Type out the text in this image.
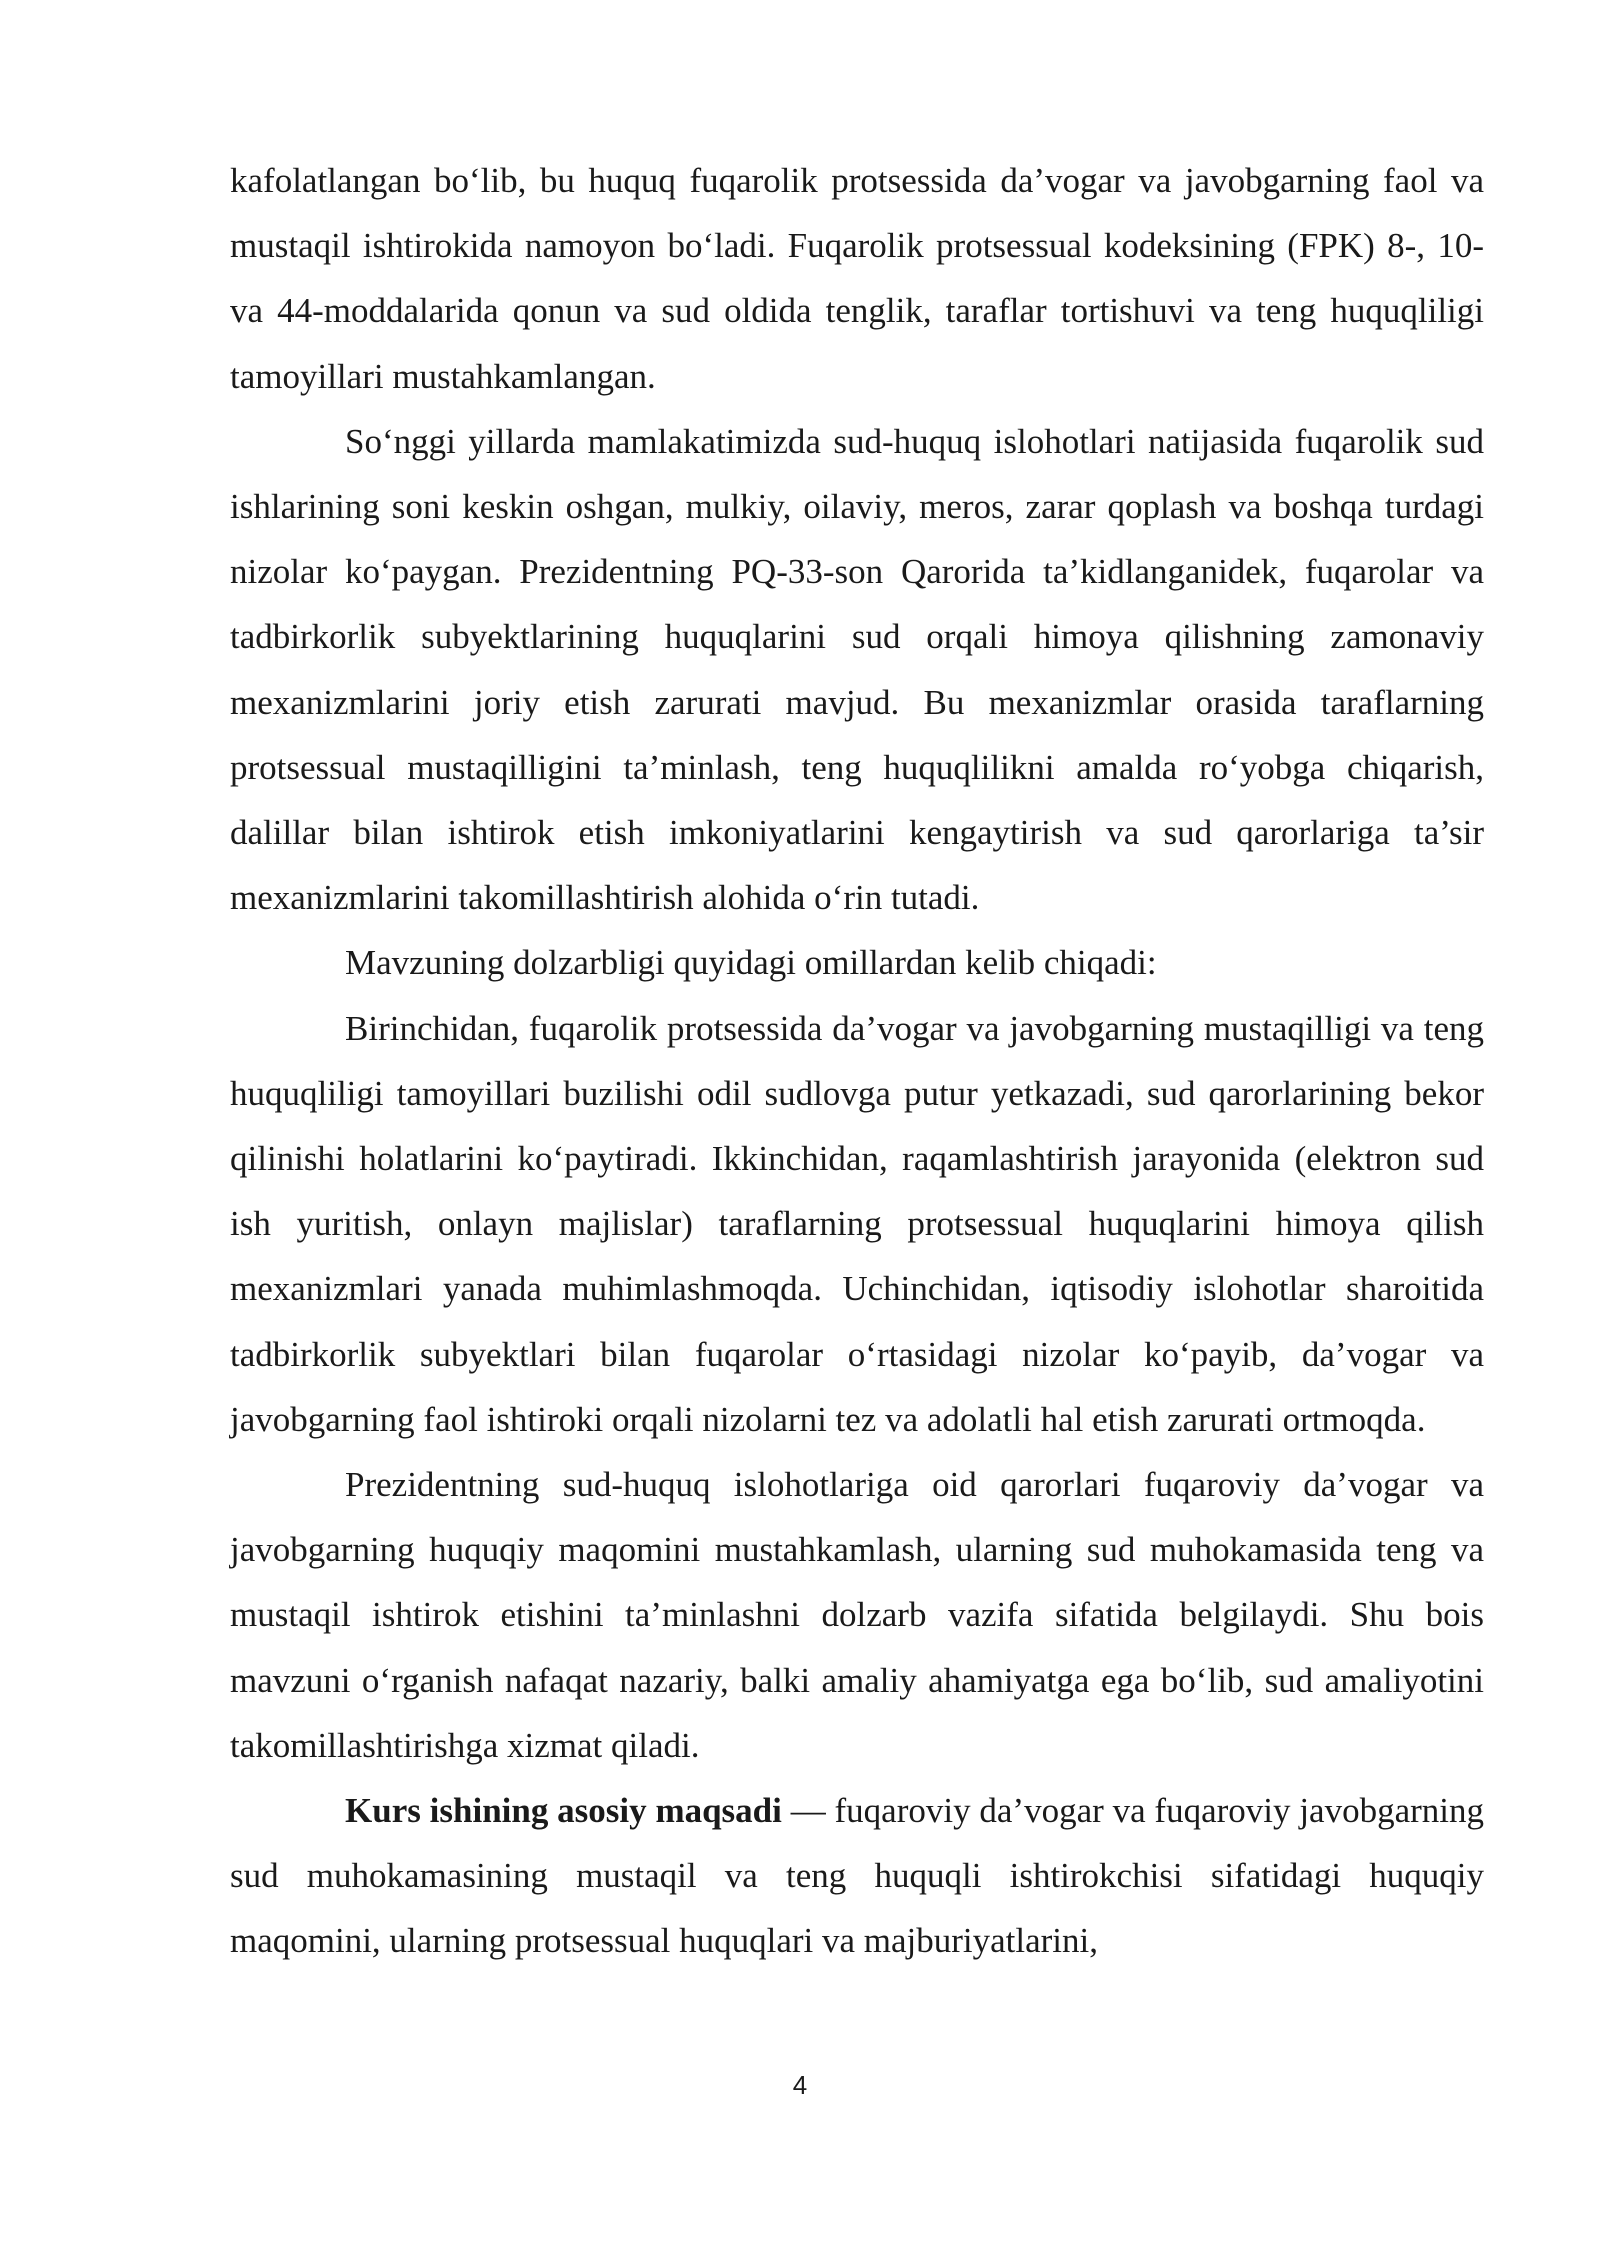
kafolatlangan bo‘lib, bu huquq fuqarolik protsessida da’vogar va javobgarning faol va mustaqil ishtirokida namoyon bo‘ladi. Fuqarolik protsessual kodeksining (FPK) 8-, 10- va 44-moddalarida qonun va sud oldida tenglik, taraflar tortishuvi va teng huquqliligi tamoyillari mustahkamlangan.

So‘nggi yillarda mamlakatimizda sud-huquq islohotlari natijasida fuqarolik sud ishlarining soni keskin oshgan, mulkiy, oilaviy, meros, zarar qoplash va boshqa turdagi nizolar ko‘paygan. Prezidentning PQ-33-son Qarorida ta’kidlanganidek, fuqarolar va tadbirkorlik subyektlarining huquqlarini sud orqali himoya qilishning zamonaviy mexanizmlarini joriy etish zarurati mavjud. Bu mexanizmlar orasida taraflarning protsessual mustaqilligini ta’minlash, teng huquqlilikni amalda ro‘yobga chiqarish, dalillar bilan ishtirok etish imkoniyatlarini kengaytirish va sud qarorlariga ta’sir mexanizmlarini takomillashtirish alohida o‘rin tutadi.

Mavzuning dolzarbligi quyidagi omillardan kelib chiqadi:

Birinchidan, fuqarolik protsessida da’vogar va javobgarning mustaqilligi va teng huquqliligi tamoyillari buzilishi odil sudlovga putur yetkazadi, sud qarorlarining bekor qilinishi holatlarini ko‘paytiradi. Ikkinchidan, raqamlashtirish jarayonida (elektron sud ish yuritish, onlayn majlislar) taraflarning protsessual huquqlarini himoya qilish mexanizmlari yanada muhimlashmoqda. Uchinchidan, iqtisodiy islohotlar sharoitida tadbirkorlik subyektlari bilan fuqarolar o‘rtasidagi nizolar ko‘payib, da’vogar va javobgarning faol ishtiroki orqali nizolarni tez va adolatli hal etish zarurati ortmoqda.

Prezidentning sud-huquq islohotlariga oid qarorlari fuqaroviy da’vogar va javobgarning huquqiy maqomini mustahkamlash, ularning sud muhokamasida teng va mustaqil ishtirok etishini ta’minlashni dolzarb vazifa sifatida belgilaydi. Shu bois mavzuni o‘rganish nafaqat nazariy, balki amaliy ahamiyatga ega bo‘lib, sud amaliyotini takomillashtirishga xizmat qiladi.

Kurs ishining asosiy maqsadi — fuqaroviy da’vogar va fuqaroviy javobgarning sud muhokamasining mustaqil va teng huquqli ishtirokchisi sifatidagi huquqiy maqomini, ularning protsessual huquqlari va majburiyatlarini,

4
